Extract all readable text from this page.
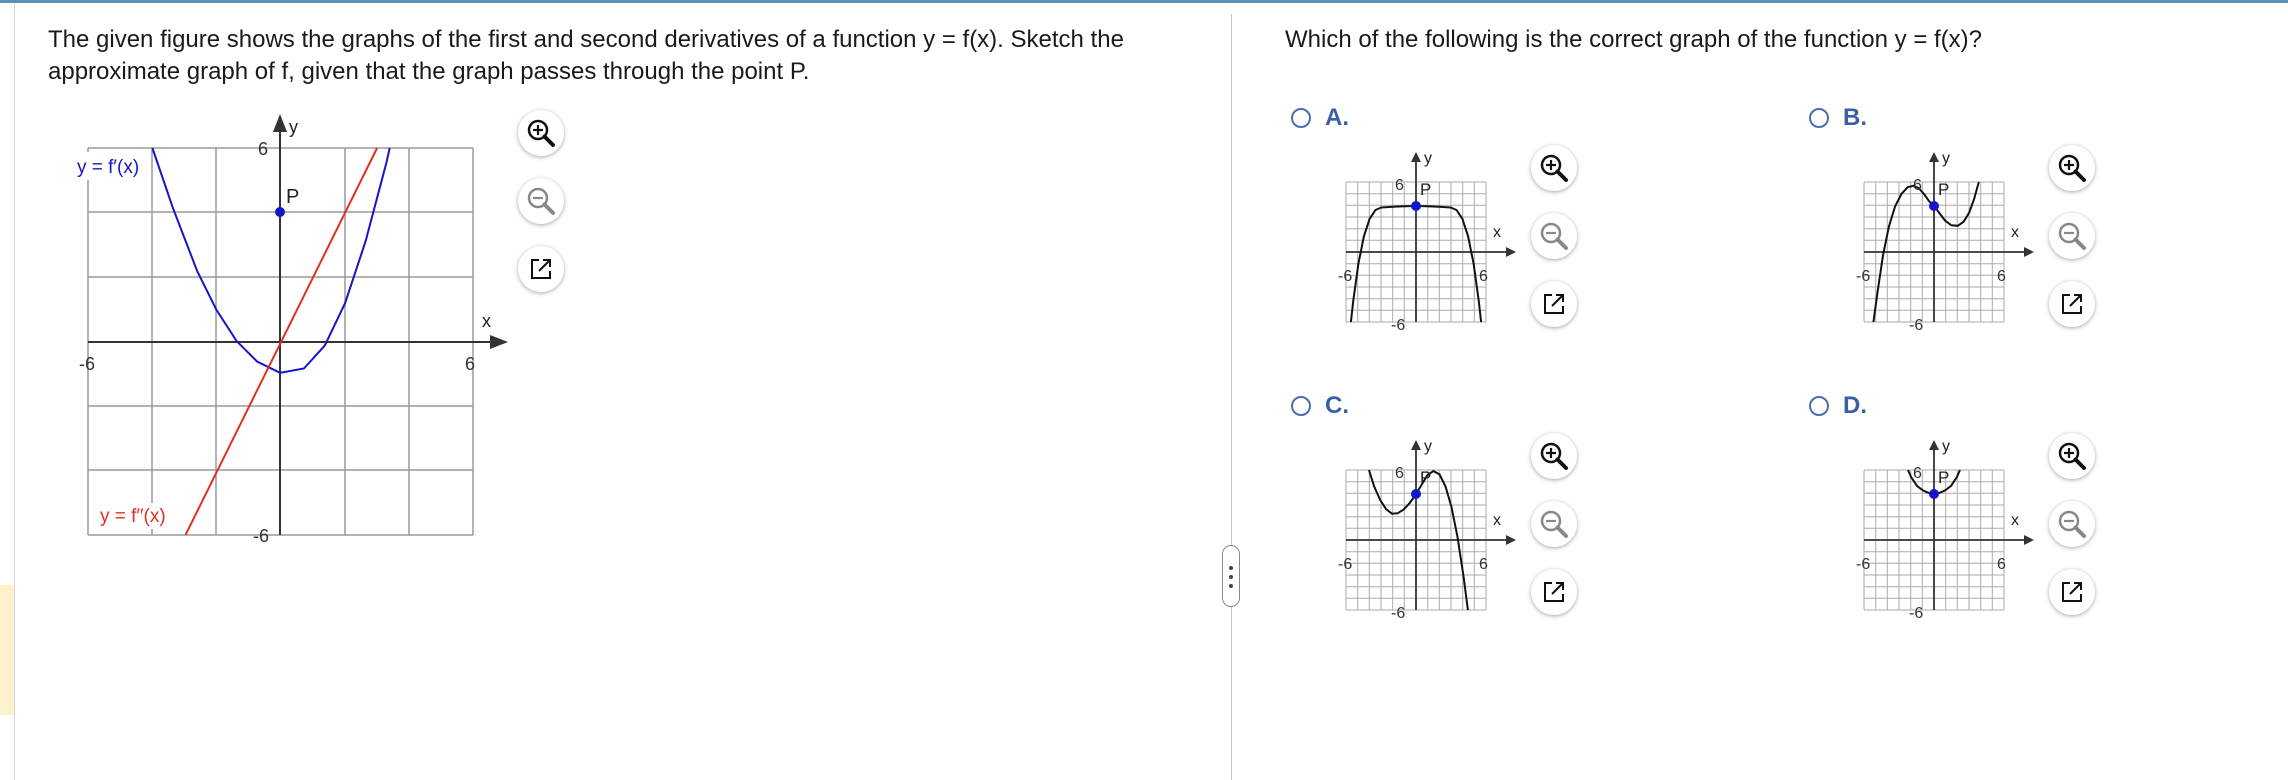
The given figure shows the graphs of the first and second derivatives of a function y = f(x). Sketch the approximate graph of f, given that the graph passes through the point P.

P
x
y
6
-6
-6	6
y = f′(x)
y = f′′(x)

Which of the following is the correct graph of the function y = f(x)?

A.
P
x
y
6
-6
-6	6
B.
P
x
y
6
-6
-6	6
C.
P
x
y
6
-6
-6	6
D.
P
x
y
6
-6
-6	6
